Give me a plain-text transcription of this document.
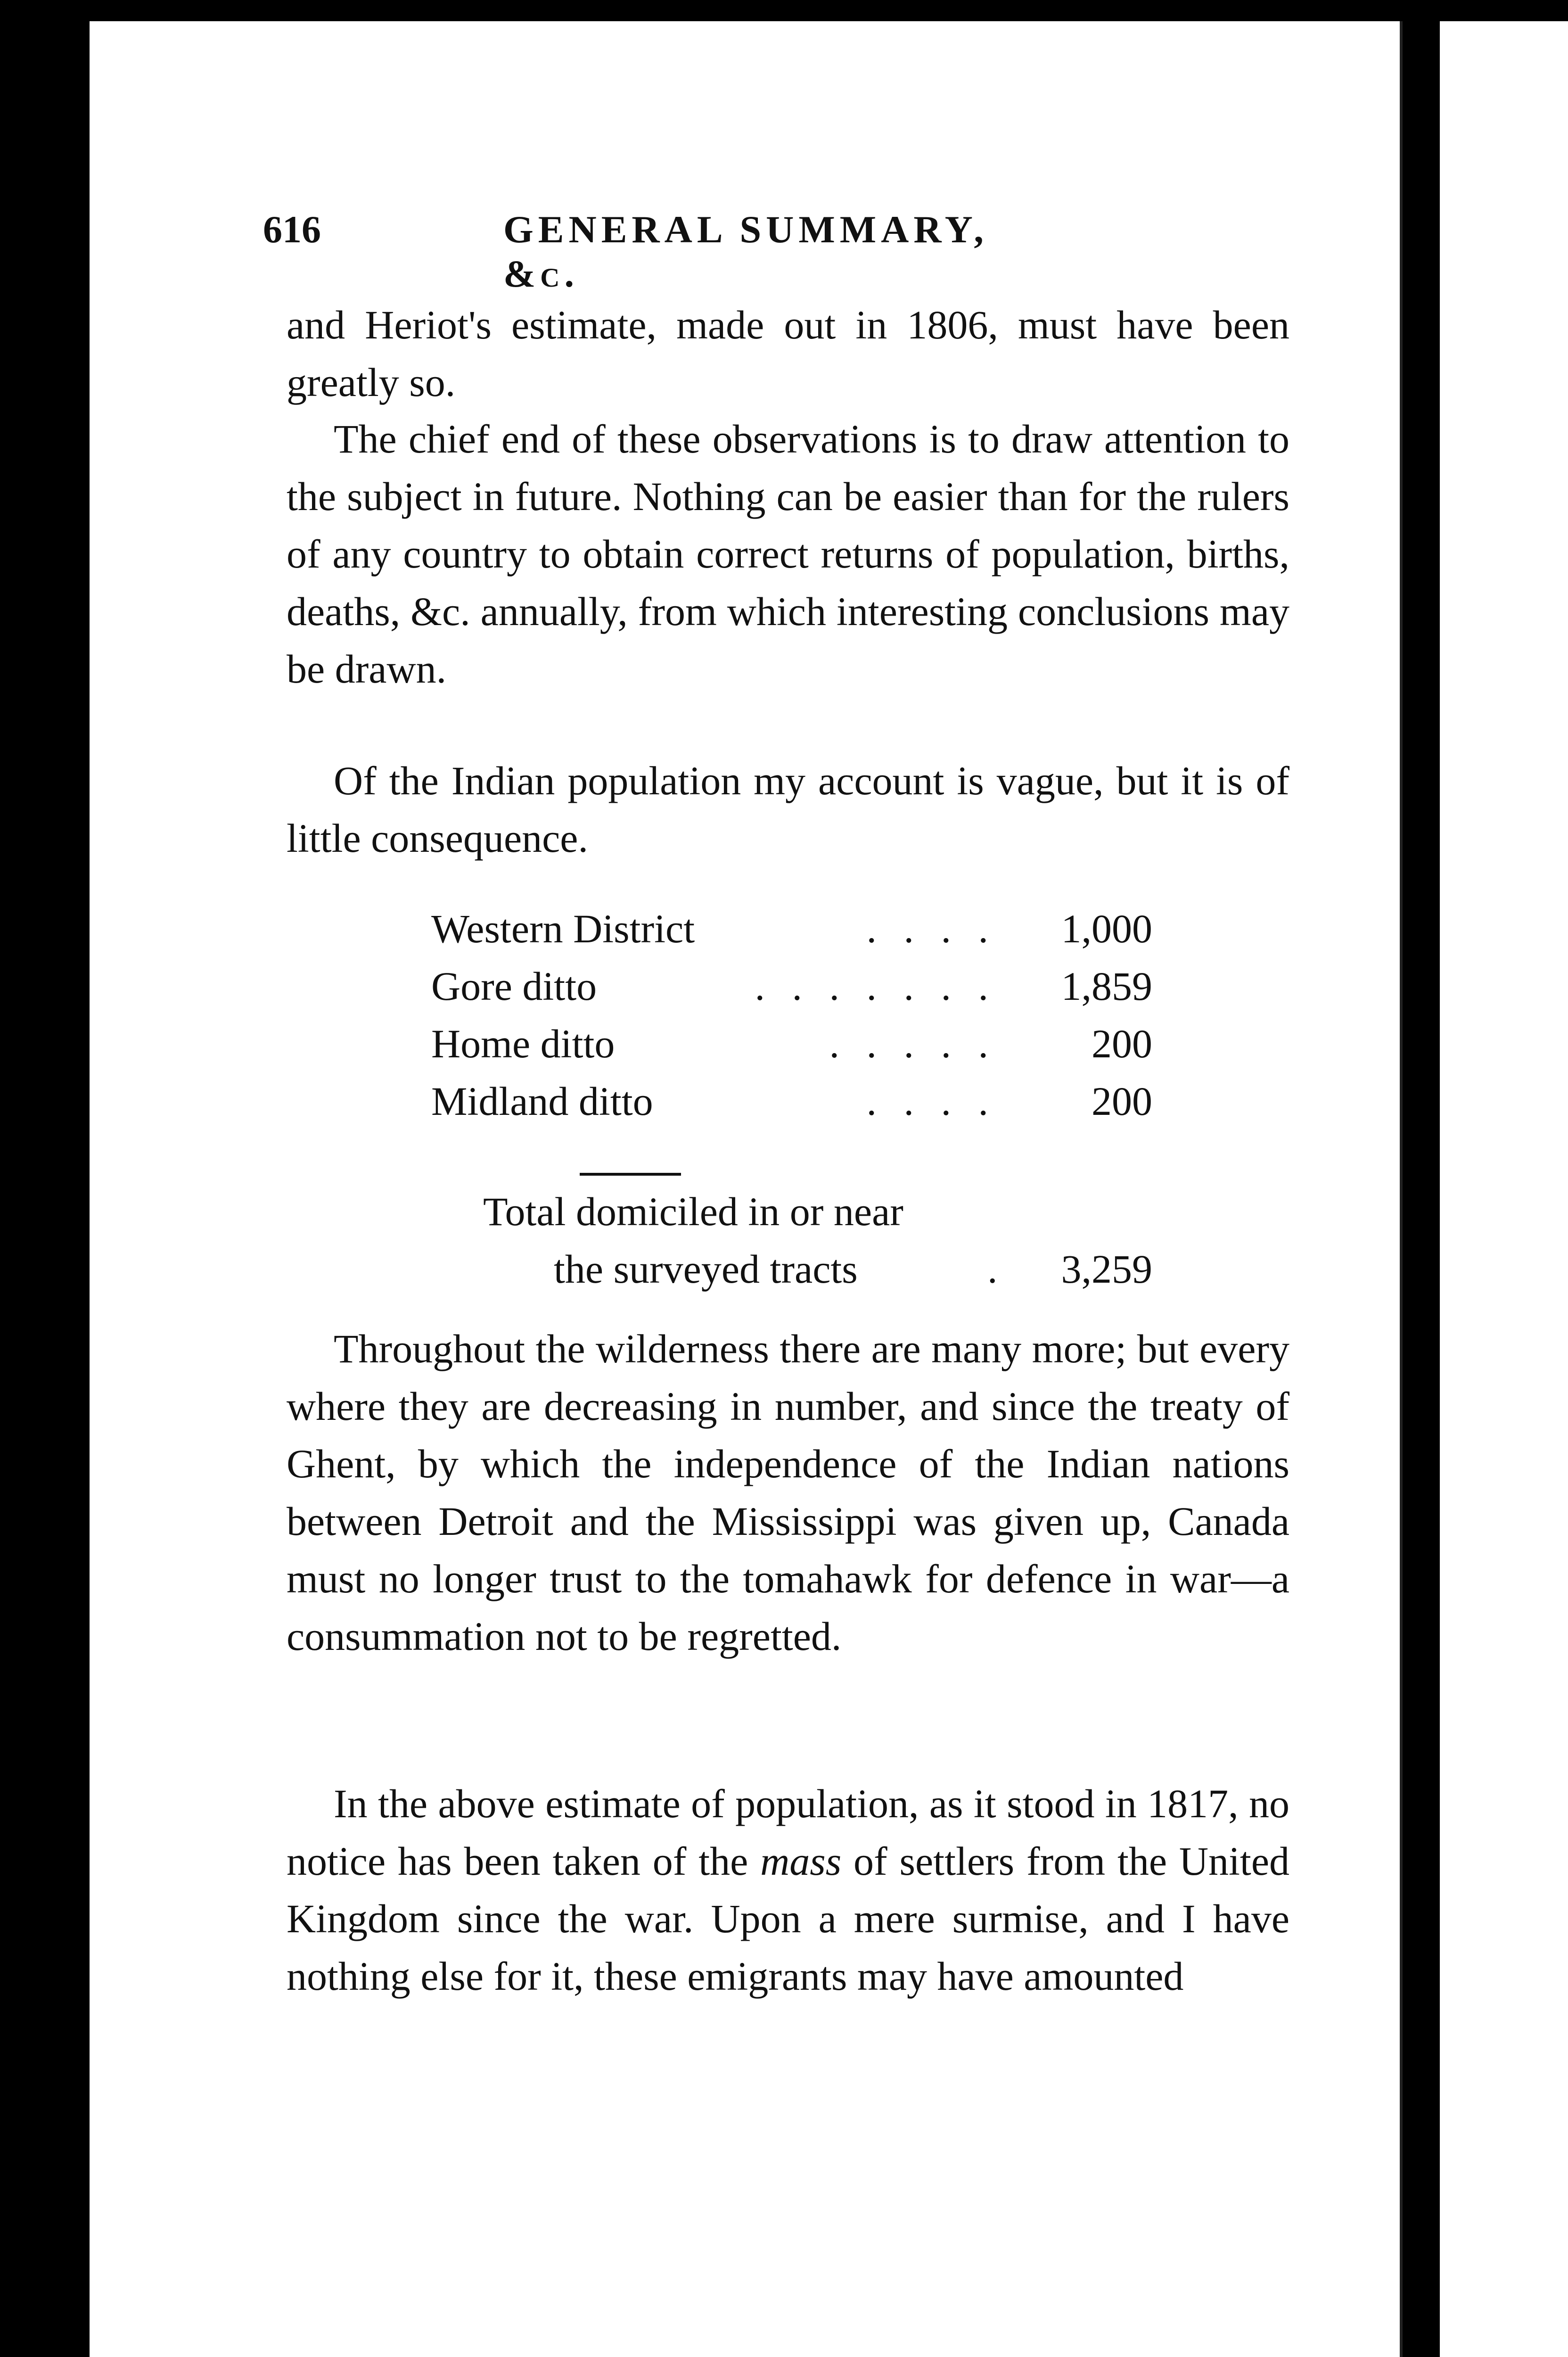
616	GENERAL SUMMARY, &c.

and Heriot's estimate, made out in 1806, must have been greatly so.

The chief end of these observations is to draw attention to the subject in future. Nothing can be easier than for the rulers of any country to obtain correct returns of population, births, deaths, &c. annually, from which interesting conclusions may be drawn.

Of the Indian population my account is vague, but it is of little consequence.

Western District	. . . . 1,000
Gore ditto	. . . . . . . 1,859
Home ditto	. . . . . 200
Midland ditto	. . . . 200
Total domiciled in or near
the surveyed tracts	. 3,259

Throughout the wilderness there are many more; but every where they are decreasing in number, and since the treaty of Ghent, by which the independence of the Indian nations between Detroit and the Mississippi was given up, Canada must no longer trust to the tomahawk for defence in war—a consummation not to be regretted.

In the above estimate of population, as it stood in 1817, no notice has been taken of the mass of settlers from the United Kingdom since the war. Upon a mere surmise, and I have nothing else for it, these emigrants may have amounted
